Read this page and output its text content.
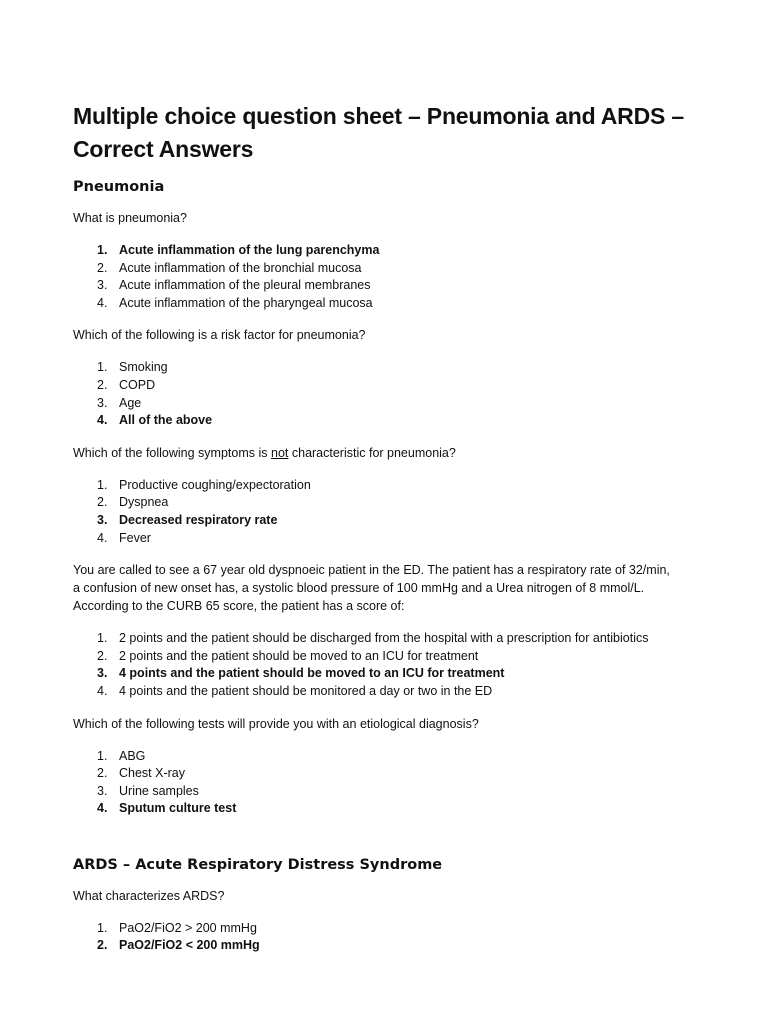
Multiple choice question sheet – Pneumonia and ARDS – Correct Answers
Pneumonia

What is pneumonia?

1. Acute inflammation of the lung parenchyma
2. Acute inflammation of the bronchial mucosa
3. Acute inflammation of the pleural membranes
4. Acute inflammation of the pharyngeal mucosa

Which of the following is a risk factor for pneumonia?

1. Smoking
2. COPD
3. Age
4. All of the above

Which of the following symptoms is not characteristic for pneumonia?

1. Productive coughing/expectoration
2. Dyspnea
3. Decreased respiratory rate
4. Fever

You are called to see a 67 year old dyspnoeic patient in the ED. The patient has a respiratory rate of 32/min,
a confusion of new onset has, a systolic blood pressure of 100 mmHg and a Urea nitrogen of 8 mmol/L.
According to the CURB 65 score, the patient has a score of:

1. 2 points and the patient should be discharged from the hospital with a prescription for antibiotics
2. 2 points and the patient should be moved to an ICU for treatment
3. 4 points and the patient should be moved to an ICU for treatment
4. 4 points and the patient should be monitored a day or two in the ED

Which of the following tests will provide you with an etiological diagnosis?

1. ABG
2. Chest X-ray
3. Urine samples
4. Sputum culture test
ARDS – Acute Respiratory Distress Syndrome

What characterizes ARDS?

1. PaO2/FiO2 > 200 mmHg
2. PaO2/FiO2 < 200 mmHg
